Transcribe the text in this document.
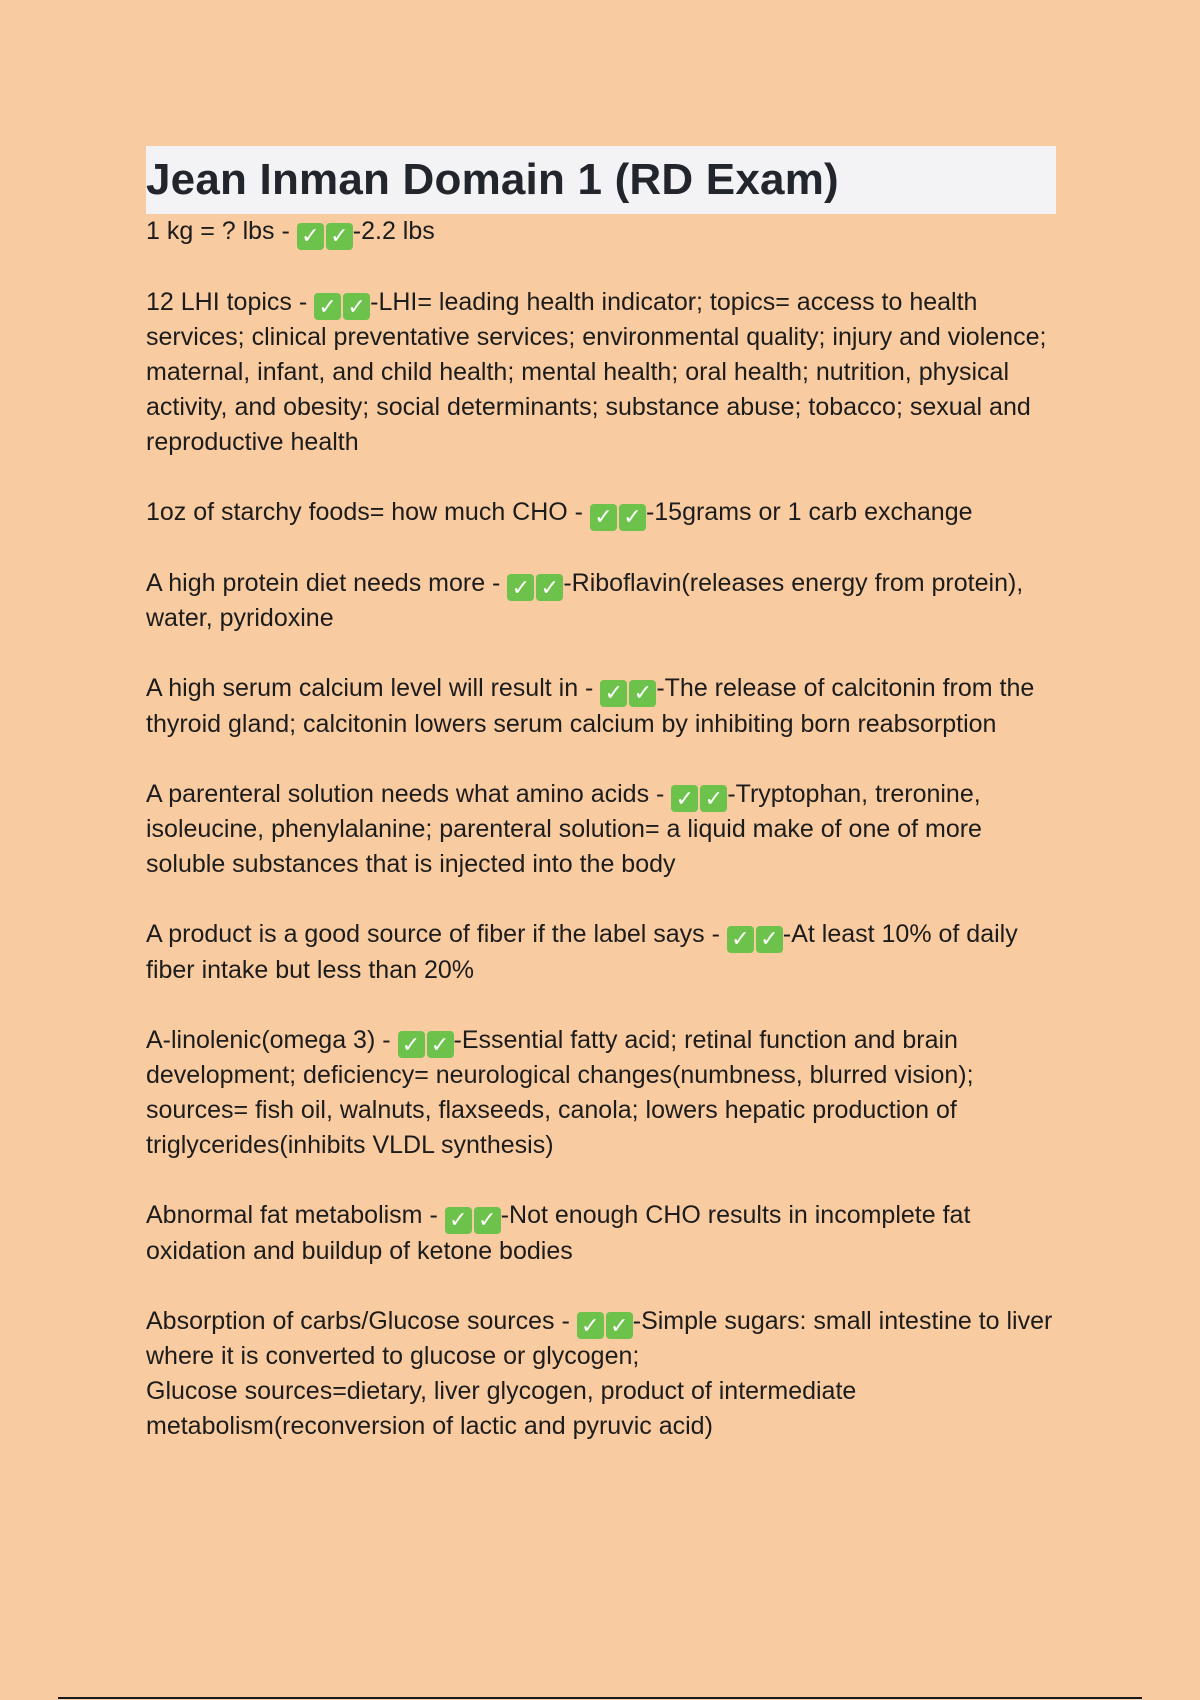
Jean Inman Domain 1 (RD Exam)

1 kg = ? lbs - ✓ ✓ -2.2 lbs

12 LHI topics - ✓ ✓ -LHI= leading health indicator; topics= access to health services; clinical preventative services; environmental quality; injury and violence; maternal, infant, and child health; mental health; oral health; nutrition, physical activity, and obesity; social determinants; substance abuse; tobacco; sexual and reproductive health

1oz of starchy foods= how much CHO - ✓ ✓ -15grams or 1 carb exchange

A high protein diet needs more - ✓ ✓ -Riboflavin(releases energy from protein), water, pyridoxine

A high serum calcium level will result in - ✓ ✓ -The release of calcitonin from the thyroid gland; calcitonin lowers serum calcium by inhibiting born reabsorption

A parenteral solution needs what amino acids - ✓ ✓ -Tryptophan, treronine, isoleucine, phenylalanine; parenteral solution= a liquid make of one of more soluble substances that is injected into the body

A product is a good source of fiber if the label says - ✓ ✓ -At least 10% of daily fiber intake but less than 20%

A-linolenic(omega 3) - ✓ ✓ -Essential fatty acid; retinal function and brain development; deficiency= neurological changes(numbness, blurred vision); sources= fish oil, walnuts, flaxseeds, canola; lowers hepatic production of triglycerides(inhibits VLDL synthesis)

Abnormal fat metabolism - ✓ ✓ -Not enough CHO results in incomplete fat oxidation and buildup of ketone bodies

Absorption of carbs/Glucose sources - ✓ ✓ -Simple sugars: small intestine to liver where it is converted to glucose or glycogen;
Glucose sources=dietary, liver glycogen, product of intermediate metabolism(reconversion of lactic and pyruvic acid)
